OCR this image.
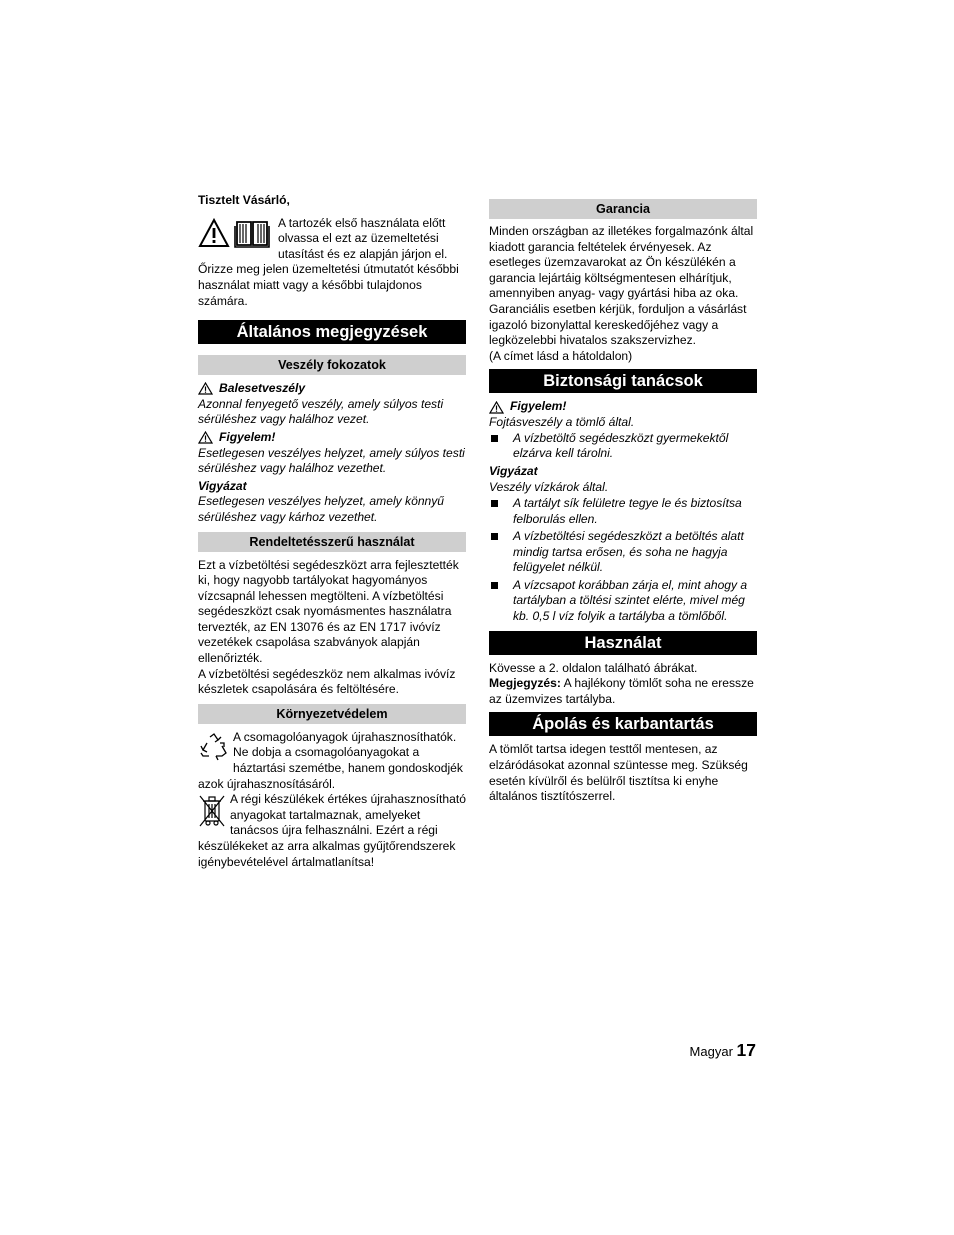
Tisztelt Vásárló,

A tartozék első használata előtt olvassa el ezt az üzemeltetési utasítást és ez alapján járjon el.

Őrizze meg jelen üzemeltetési útmutatót későbbi használat miatt vagy a későbbi tulajdonos számára.

Általános megjegyzések
Veszély fokozatok

Balesetveszély

Azonnal fenyegető veszély, amely súlyos testi sérüléshez vagy halálhoz vezet.

Figyelem!

Esetlegesen veszélyes helyzet, amely súlyos testi sérüléshez vagy halálhoz vezethet.

Vigyázat

Esetlegesen veszélyes helyzet, amely könnyű sérüléshez vagy kárhoz vezethet.

Rendeltetésszerű használat

Ezt a vízbetöltési segédeszközt arra fejlesztették ki, hogy nagyobb tartályokat hagyományos vízcsapnál lehessen megtölteni. A vízbetöltési segédeszközt csak nyomásmentes használatra tervezték, az EN 13076 és az EN 1717 ivóvíz vezetékek csapolása szabványok alapján ellenőrizték.

A vízbetöltési segédeszköz nem alkalmas ivóvíz készletek csapolására és feltöltésére.

Környezetvédelem

A csomagolóanyagok újrahasznosíthatók. Ne dobja a csomagolóanyagokat a háztartási szemétbe, hanem gondoskodjék azok újrahasznosításáról.

A régi készülékek értékes újrahasznosítható anyagokat tartalmaznak, amelyeket tanácsos újra felhasználni. Ezért a régi készülékeket az arra alkalmas gyűjtőrendszerek igénybevételével ártalmatlanítsa!

Garancia

Minden országban az illetékes forgalmazónk által kiadott garancia feltételek érvényesek. Az esetleges üzemzavarokat az Ön készülékén a garancia lejártáig költségmentesen elhárítjuk, amennyiben anyag- vagy gyártási hiba az oka. Garanciális esetben kérjük, forduljon a vásárlást igazoló bizonylattal kereskedőjéhez vagy a legközelebbi hivatalos szakszervizhez.

(A címet lásd a hátoldalon)

Biztonsági tanácsok

Figyelem!

Fojtásveszély a tömlő által.

A vízbetöltő segédeszközt gyermekektől elzárva kell tárolni.

Vigyázat

Veszély vízkárok által.

A tartályt sík felületre tegye le és biztosítsa felborulás ellen.

A vízbetöltési segédeszközt a betöltés alatt mindig tartsa erősen, és soha ne hagyja felügyelet nélkül.

A vízcsapot korábban zárja el, mint ahogy a tartályban a töltési szintet elérte, mivel még kb. 0,5 l víz folyik a tartályba a tömlőből.

Használat

Kövesse a 2. oldalon található ábrákat.

Megjegyzés: A hajlékony tömlőt soha ne eressze az üzemvizes tartályba.

Ápolás és karbantartás

A tömlőt tartsa idegen testtől mentesen, az elzáródásokat azonnal szüntesse meg. Szükség esetén kívülről és belülről tisztítsa ki enyhe általános tisztítószerrel.

Magyar 17
